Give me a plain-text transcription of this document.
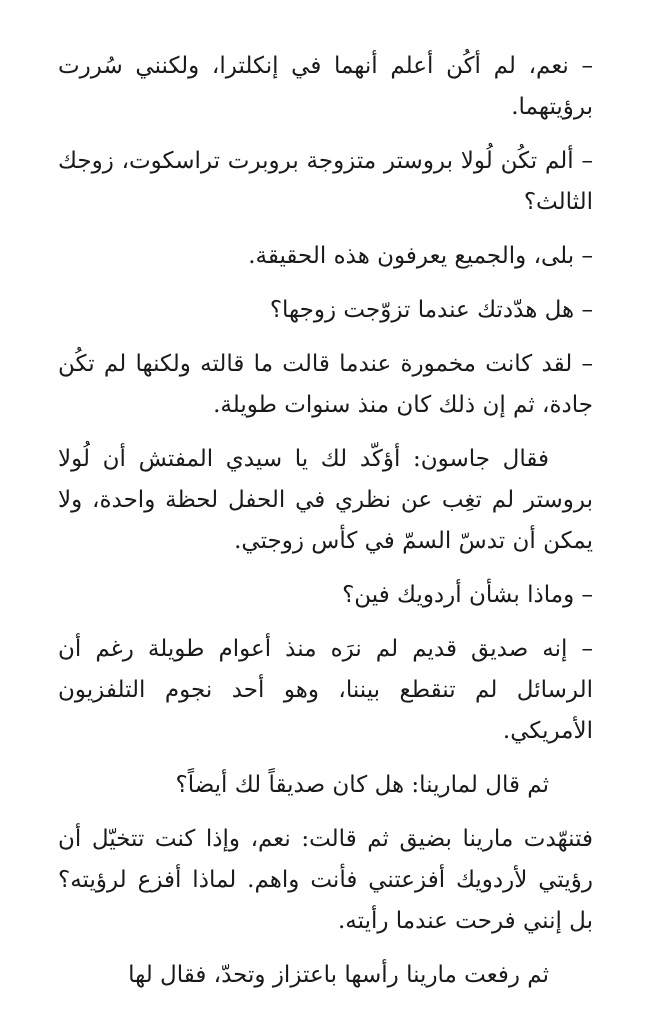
– نعم، لم أكُن أعلم أنهما في إنكلترا، ولكنني سُررت برؤيتهما.

– ألم تكُن لُولا بروستر متزوجة بروبرت تراسكوت، زوجك الثالث؟

– بلى، والجميع يعرفون هذه الحقيقة.

– هل هدّدتك عندما تزوّجت زوجها؟

– لقد كانت مخمورة عندما قالت ما قالته ولكنها لم تكُن جادة، ثم إن ذلك كان منذ سنوات طويلة.

فقال جاسون: أؤكّد لك يا سيدي المفتش أن لُولا بروستر لم تغِب عن نظري في الحفل لحظة واحدة، ولا يمكن أن تدسّ السمّ في كأس زوجتي.

– وماذا بشأن أردويك فين؟

– إنه صديق قديم لم نرَه منذ أعوام طويلة رغم أن الرسائل لم تنقطع بيننا، وهو أحد نجوم التلفزيون الأمريكي.

ثم قال لمارينا: هل كان صديقاً لك أيضاً؟

فتنهّدت مارينا بضيق ثم قالت: نعم، وإذا كنت تتخيّل أن رؤيتي لأردويك أفزعتني فأنت واهم. لماذا أفزع لرؤيته؟ بل إنني فرحت عندما رأيته.

ثم رفعت مارينا رأسها باعتزاز وتحدّ، فقال لها
